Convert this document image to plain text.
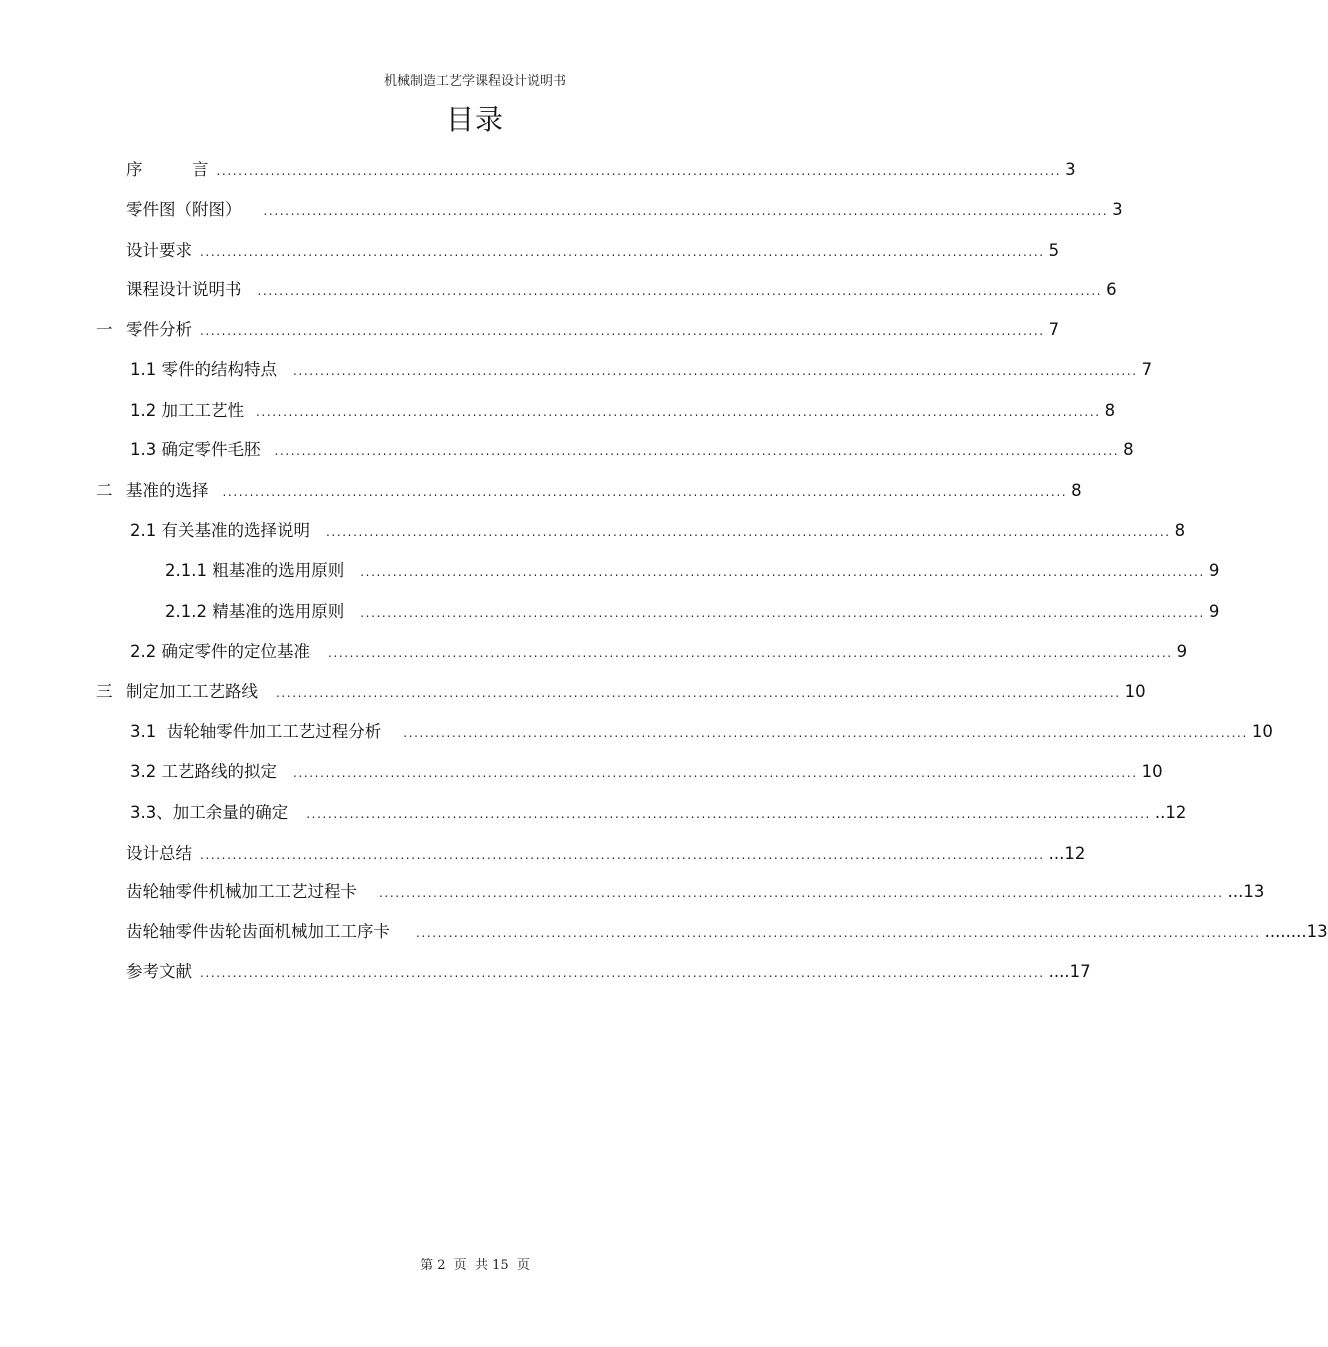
机械制造工艺学课程设计说明书
目录
序　　　言 ............................................................................................................................................................ 3
零件图（附图）	............................................................................................................................................................ 3
设计要求 ............................................................................................................................................................ 5
课程设计说明书	............................................................................................................................................................ 6
一 零件分析 ............................................................................................................................................................ 7
1.1 零件的结构特点	............................................................................................................................................................ 7
1.2 加工工艺性	............................................................................................................................................................ 8
1.3 确定零件毛胚	............................................................................................................................................................ 8
二 基准的选择	............................................................................................................................................................ 8
2.1 有关基准的选择说明	............................................................................................................................................................ 8
2.1.1 粗基准的选用原则	............................................................................................................................................................ 9
2.1.2 精基准的选用原则	............................................................................................................................................................ 9
2.2 确定零件的定位基准	............................................................................................................................................................ 9
三 制定加工工艺路线	............................................................................................................................................................ 10
3.1  齿轮轴零件加工工艺过程分析	............................................................................................................................................................ 10
3.2 工艺路线的拟定	............................................................................................................................................................ 10
3.3、加工余量的确定	............................................................................................................................................................ ..12
设计总结 ............................................................................................................................................................ ...12
齿轮轴零件机械加工工艺过程卡	............................................................................................................................................................ ...13
齿轮轴零件齿轮齿面机械加工工序卡	............................................................................................................................................................ ........13
参考文献 ............................................................................................................................................................ ....17
第 2  页  共 15  页
